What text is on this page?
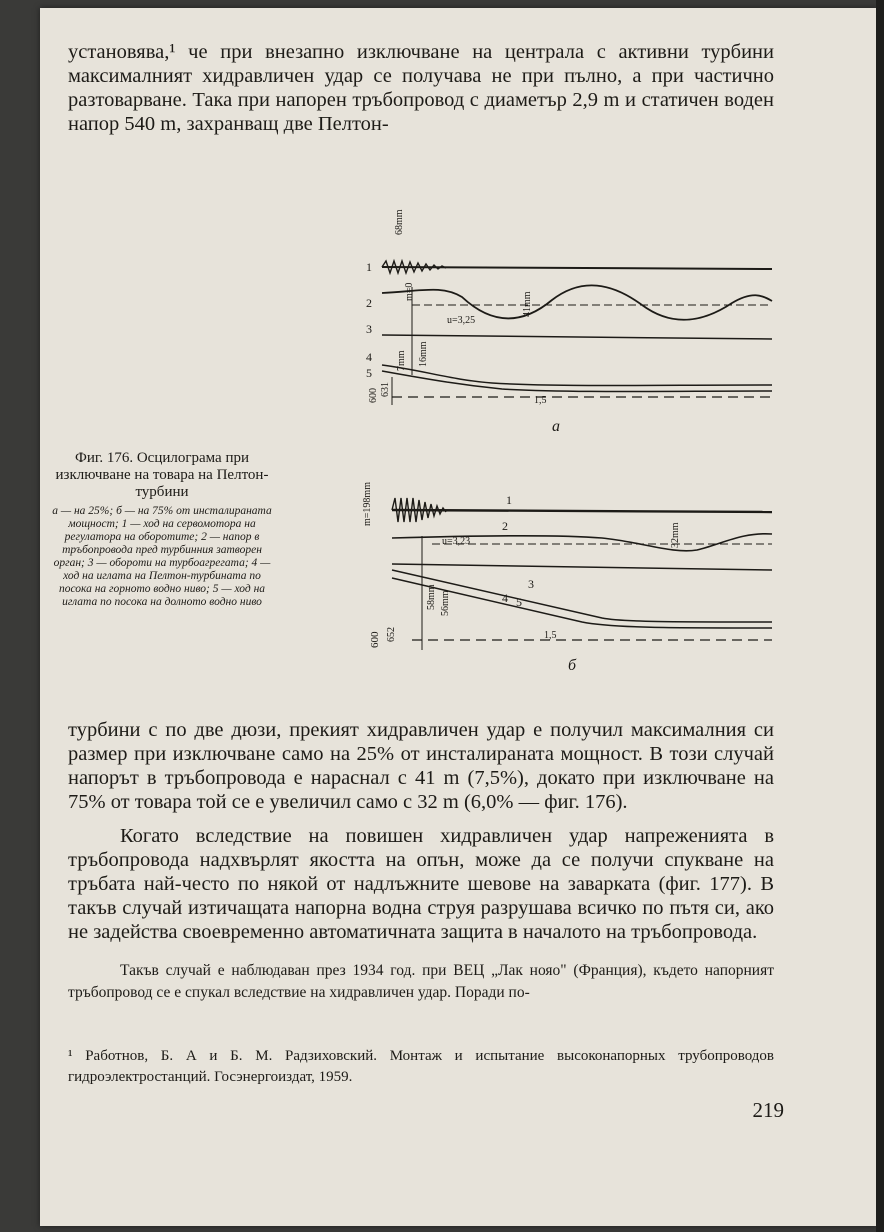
установява,¹ че при внезапно изключване на централа с активни турбини максималният хидравличен удар се получава не при пълно, а при частично разтоварване. Така при напорен тръбопровод с диаметър 2,9 m и статичен воден напор 540 m, захранващ две Пелтон-
1
2
3
4
5
68mm
m=0	41mm
u=3,25
7mm 16mm
600 631
1,5
а
1
2
3
4 5
m=198mm
u=3,23	32mm
58mm 56mm
600 652	1,5
б
Фиг. 176. Осцилограма при изключване на товара на Пелтон-турбини
а — на 25%; б — на 75% от инсталираната мощност; 1 — ход на сервомотора на регулатора на оборотите; 2 — напор в тръбопровода пред турбинния затворен орган; 3 — обороти на турбоагрегата; 4 — ход на иглата на Пелтон-турбината по посока на горното водно ниво; 5 — ход на иглата по посока на долното водно ниво
турбини с по две дюзи, прекият хидравличен удар е получил максималния си размер при изключване само на 25% от инсталираната мощност. В този случай напорът в тръбопровода е нараснал с 41 m (7,5%), докато при изключване на 75% от товара той се е увеличил само с 32 m (6,0% — фиг. 176).
Когато вследствие на повишен хидравличен удар напреженията в тръбопровода надхвърлят якостта на опън, може да се получи спукване на тръбата най-често по някой от надлъжните шевове на заварката (фиг. 177). В такъв случай изтичащата напорна водна струя разрушава всичко по пътя си, ако не задейства своевременно автоматичната защита в началото на тръбопровода.
Такъв случай е наблюдаван през 1934 год. при ВЕЦ „Лак нояо" (Франция), където напорният тръбопровод се е спукал вследствие на хидравличен удар. Поради по-
¹ Работнов, Б. А и Б. М. Радзиховский. Монтаж и испытание высоконапорных трубопроводов гидроэлектростанций. Госэнергоиздат, 1959.
219
